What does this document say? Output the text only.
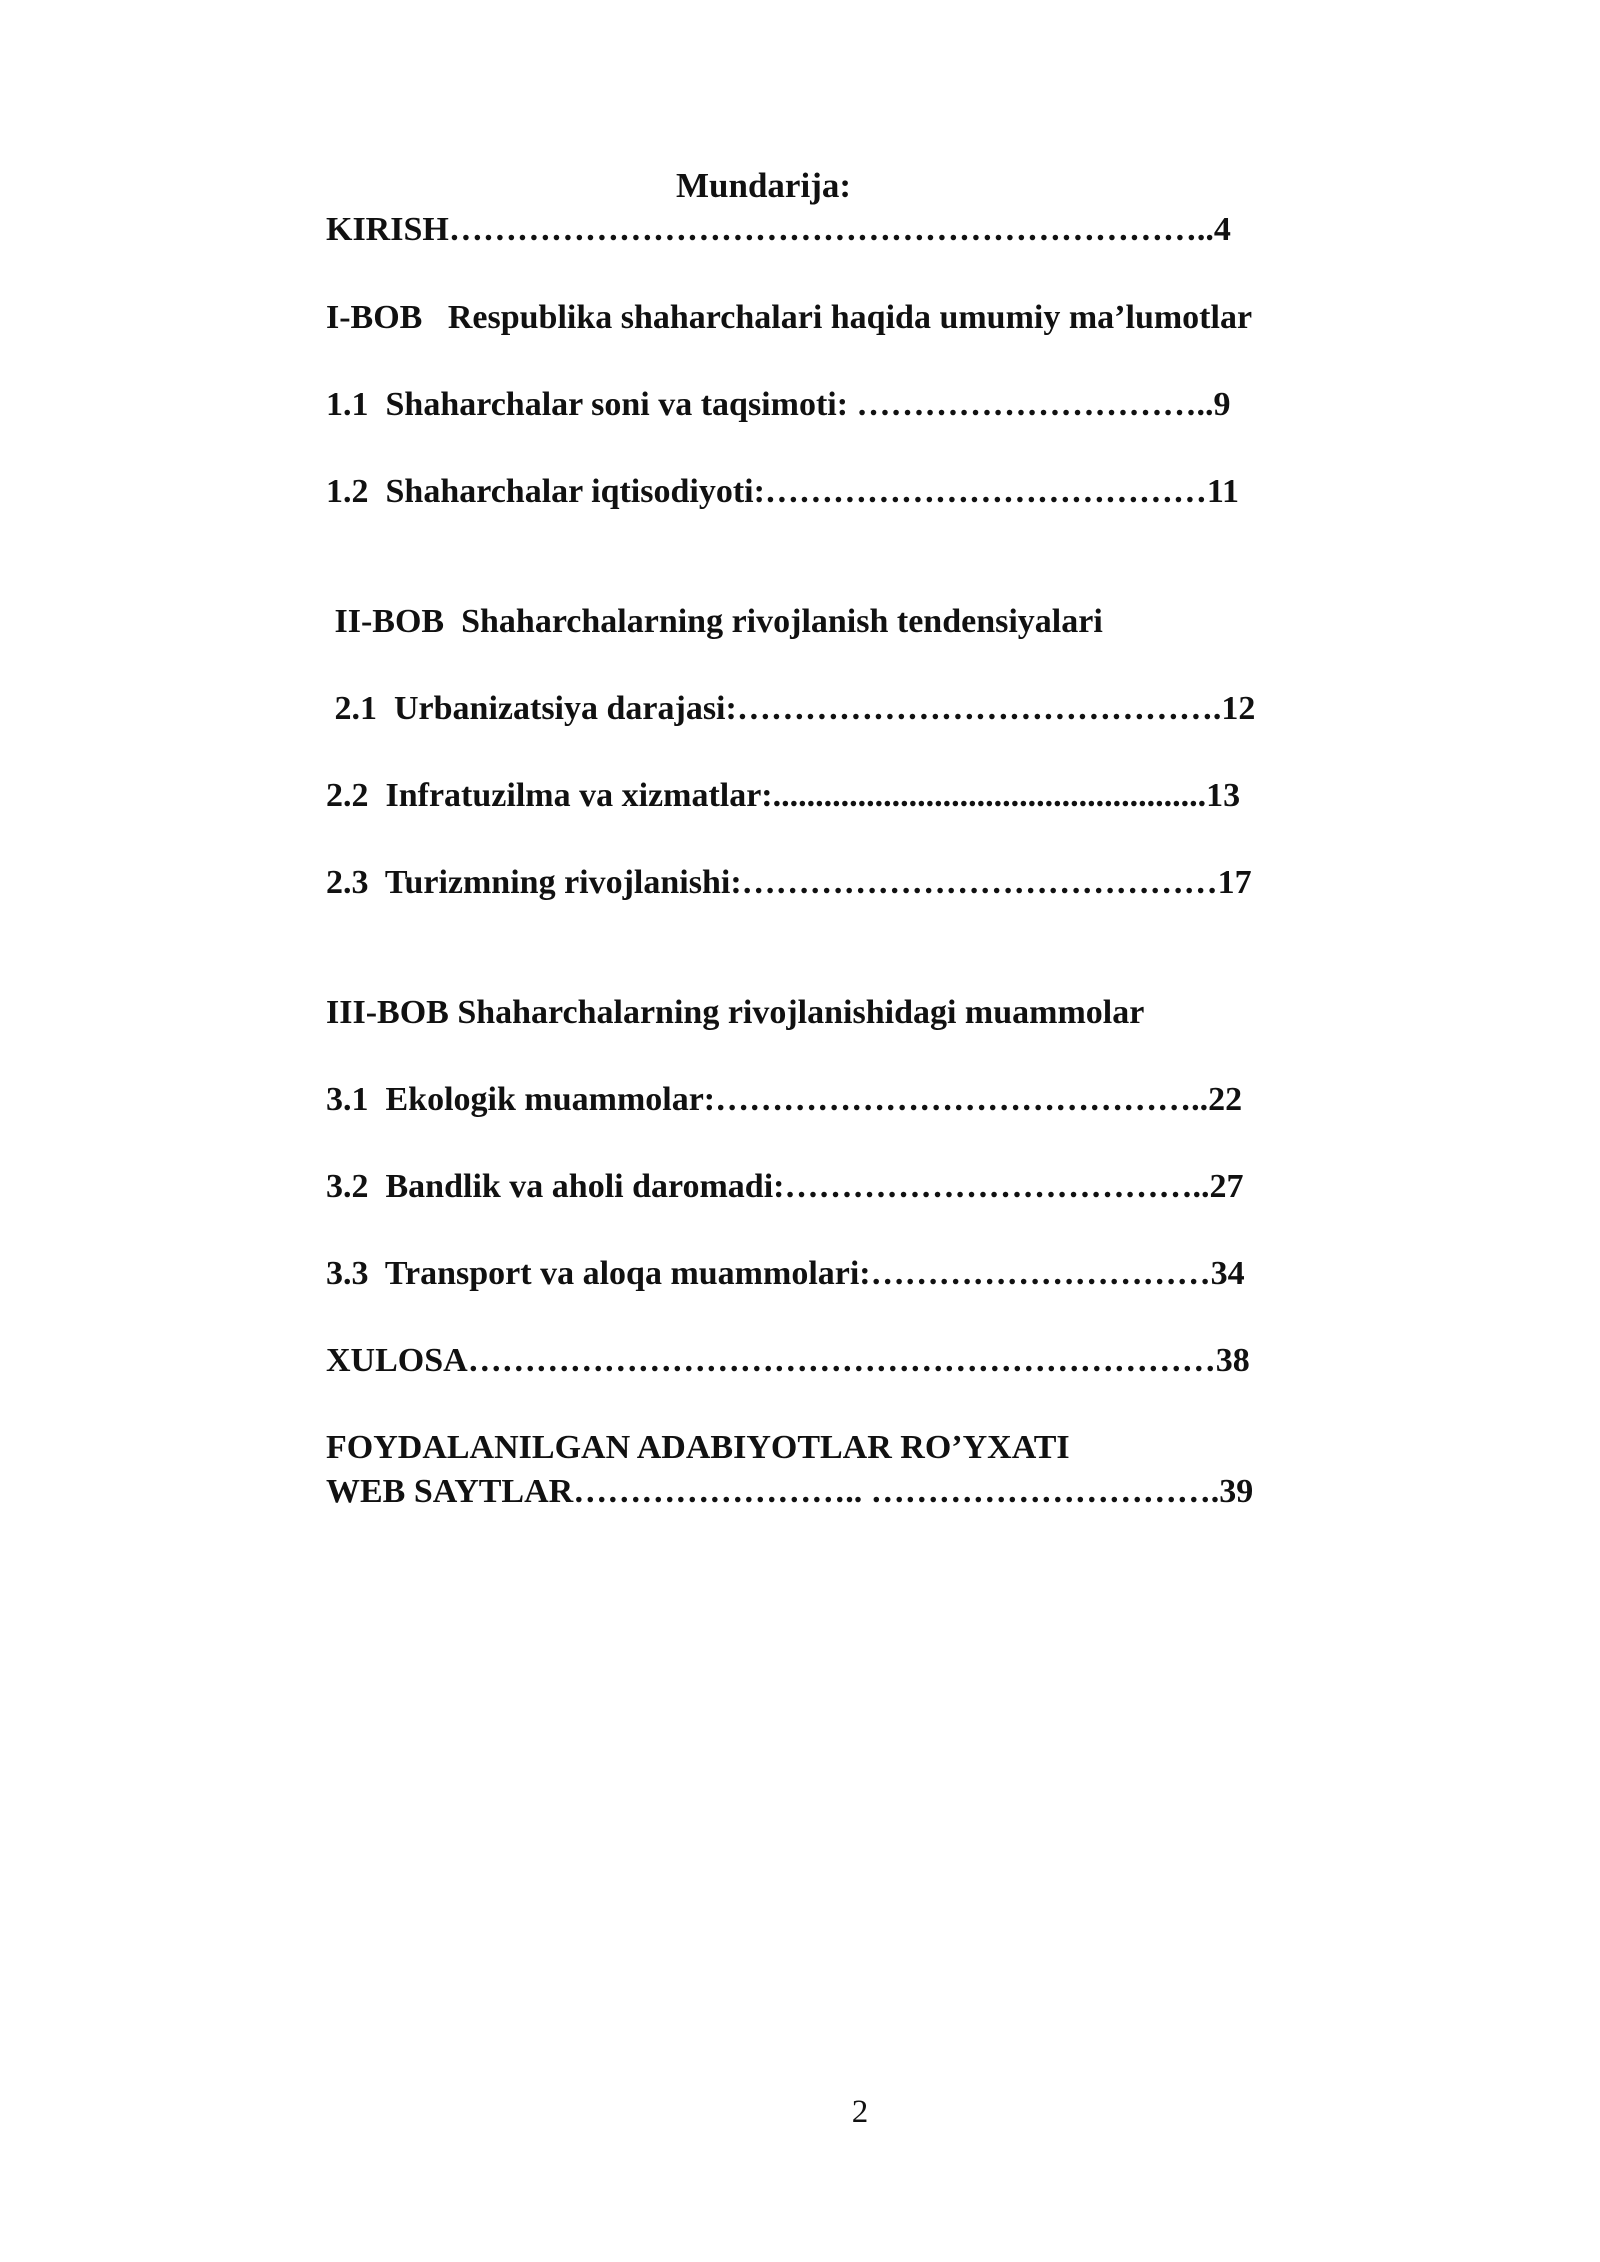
Mundarija:
KIRISH…………………………………………………………..4
I-BOB   Respublika shaharchalari haqida umumiy ma’lumotlar
1.1  Shaharchalar soni va taqsimoti: …………………………..9
1.2  Shaharchalar iqtisodiyoti:…………………………………11
II-BOB  Shaharchalarning rivojlanish tendensiyalari
2.1  Urbanizatsiya darajasi:…………………………………….12
2.2  Infratuzilma va xizmatlar:...................................................13
2.3  Turizmning rivojlanishi:……………………………………17
III-BOB Shaharchalarning rivojlanishidagi muammolar
3.1  Ekologik muammolar:……………………………………..22
3.2  Bandlik va aholi daromadi:………………………………..27
3.3  Transport va aloqa muammolari:…………………………34
XULOSA…………………………………………………………38
FOYDALANILGAN ADABIYOTLAR RO’YXATI
WEB SAYTLAR…………………….. ………………………….39
2
